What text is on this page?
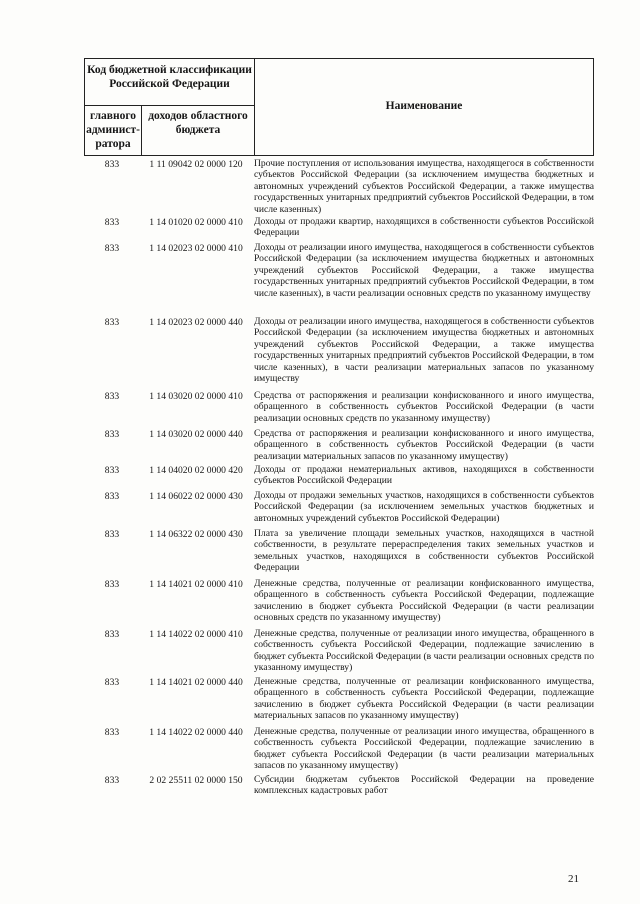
Код бюджетной классификации Российской Федерации
главного админист-ратора
доходов областного бюджета
Наименование
833	1 11 09042 02 0000 120	Прочие поступления от использования имущества, находящегося в собственности субъектов Российской Федерации (за исключением имущества бюджетных и автономных учреждений субъектов Российской Федерации, а также имущества государственных унитарных предприятий субъектов Российской Федерации, в том числе казенных)
833	1 14 01020 02 0000 410	Доходы от продажи квартир, находящихся в собственности субъектов Российской Федерации
833	1 14 02023 02 0000 410	Доходы от реализации иного имущества, находящегося в собственности субъектов Российской Федерации (за исключением имущества бюджетных и автономных учреждений субъектов Российской Федерации, а также имущества государственных унитарных предприятий субъектов Российской Федерации, в том числе казенных), в части реализации основных средств по указанному имуществу
833	1 14 02023 02 0000 440	Доходы от реализации иного имущества, находящегося в собственности субъектов Российской Федерации (за исключением имущества бюджетных и автономных учреждений субъектов Российской Федерации, а также имущества государственных унитарных предприятий субъектов Российской Федерации, в том числе казенных), в части реализации материальных запасов по указанному имуществу
833	1 14 03020 02 0000 410	Средства от распоряжения и реализации конфискованного и иного имущества, обращенного в собственность субъектов Российской Федерации (в части реализации основных средств по указанному имуществу)
833	1 14 03020 02 0000 440	Средства от распоряжения и реализации конфискованного и иного имущества, обращенного в собственность субъектов Российской Федерации (в части реализации материальных запасов по указанному имуществу)
833	1 14 04020 02 0000 420	Доходы от продажи нематериальных активов, находящихся в собственности субъектов Российской Федерации
833	1 14 06022 02 0000 430	Доходы от продажи земельных участков, находящихся в собственности субъектов Российской Федерации (за исключением земельных участков бюджетных и автономных учреждений субъектов Российской Федерации)
833	1 14 06322 02 0000 430	Плата за увеличение площади земельных участков, находящихся в частной собственности, в результате перераспределения таких земельных участков и земельных участков, находящихся в собственности субъектов Российской Федерации
833	1 14 14021 02 0000 410	Денежные средства, полученные от реализации конфискованного имущества, обращенного в собственность субъекта Российской Федерации, подлежащие зачислению в бюджет субъекта Российской Федерации (в части реализации основных средств по указанному имуществу)
833	1 14 14022 02 0000 410	Денежные средства, полученные от реализации иного имущества, обращенного в собственность субъекта Российской Федерации, подлежащие зачислению в бюджет субъекта Российской Федерации (в части реализации основных средств по указанному имуществу)
833	1 14 14021 02 0000 440	Денежные средства, полученные от реализации конфискованного имущества, обращенного в собственность субъекта Российской Федерации, подлежащие зачислению в бюджет субъекта Российской Федерации (в части реализации материальных запасов по указанному имуществу)
833	1 14 14022 02 0000 440	Денежные средства, полученные от реализации иного имущества, обращенного в собственность субъекта Российской Федерации, подлежащие зачислению в бюджет субъекта Российской Федерации (в части реализации материальных запасов по указанному имуществу)
833	2 02 25511 02 0000 150	Субсидии бюджетам субъектов Российской Федерации на проведение комплексных кадастровых работ
21
